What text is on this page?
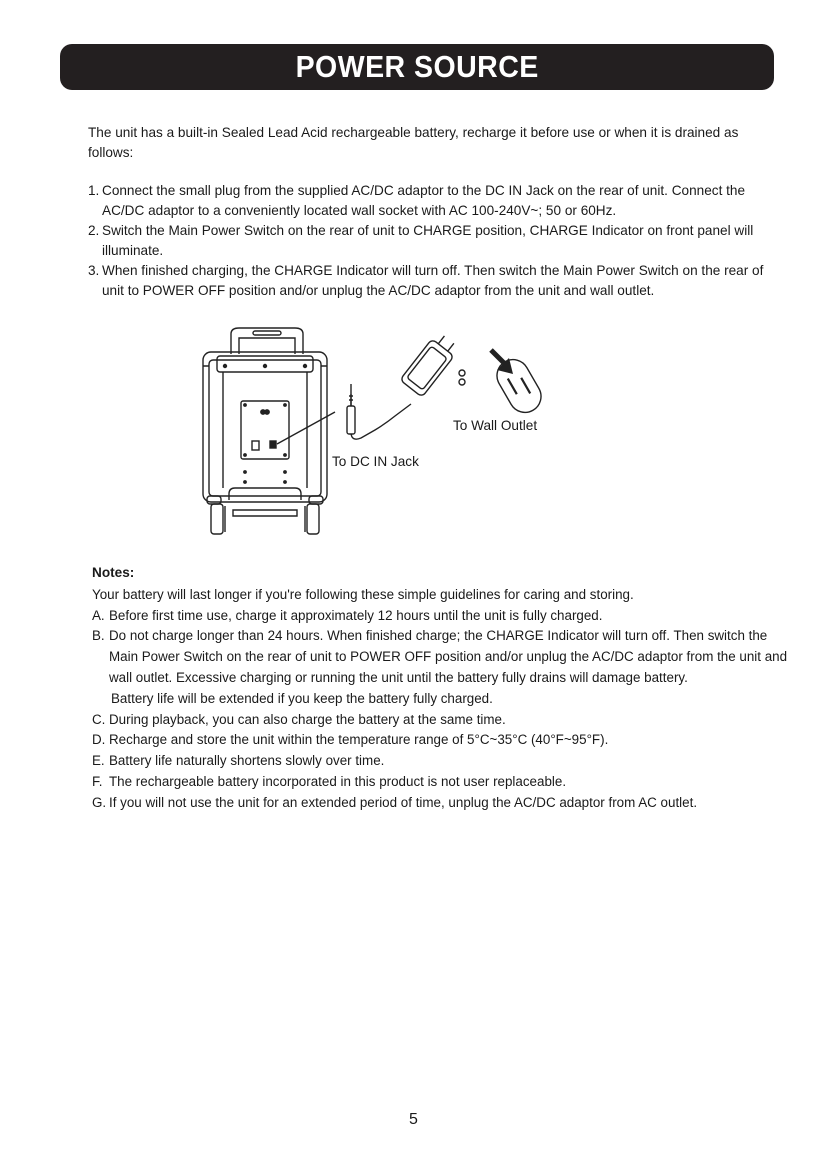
POWER SOURCE

The unit has a built-in Sealed Lead Acid rechargeable battery, recharge it before use or when it is drained as follows:

1. Connect the small plug from the supplied AC/DC adaptor to the DC IN Jack on the rear of unit. Connect the AC/DC adaptor to a conveniently located wall socket with AC 100-240V~; 50 or 60Hz.
2. Switch the Main Power Switch on the rear of unit to CHARGE position, CHARGE Indicator on front panel will illuminate.
3. When finished charging, the CHARGE Indicator will turn off. Then switch the Main Power Switch on the rear of unit to POWER OFF position and/or unplug the AC/DC adaptor from the unit and wall outlet.
To Wall Outlet
To DC IN Jack
Notes:
Your battery will last longer if you're following these simple guidelines for caring and storing.
A. Before first time use, charge it approximately 12 hours until the unit is fully charged.
B. Do not charge longer than 24 hours. When finished charge; the CHARGE Indicator will turn off. Then switch the Main Power Switch on the rear of unit to POWER OFF position and/or unplug the AC/DC adaptor from the unit and wall outlet. Excessive charging or running the unit until the battery fully drains will damage battery.
Battery life will be extended if you keep the battery fully charged.
C. During playback, you can also charge the battery at the same time.
D. Recharge and store the unit within the temperature range of 5°C~35°C (40°F~95°F).
E. Battery life naturally shortens slowly over time.
F. The rechargeable battery incorporated in this product is not user replaceable.
G. If you will not use the unit for an extended period of time, unplug the AC/DC adaptor from AC outlet.
5
